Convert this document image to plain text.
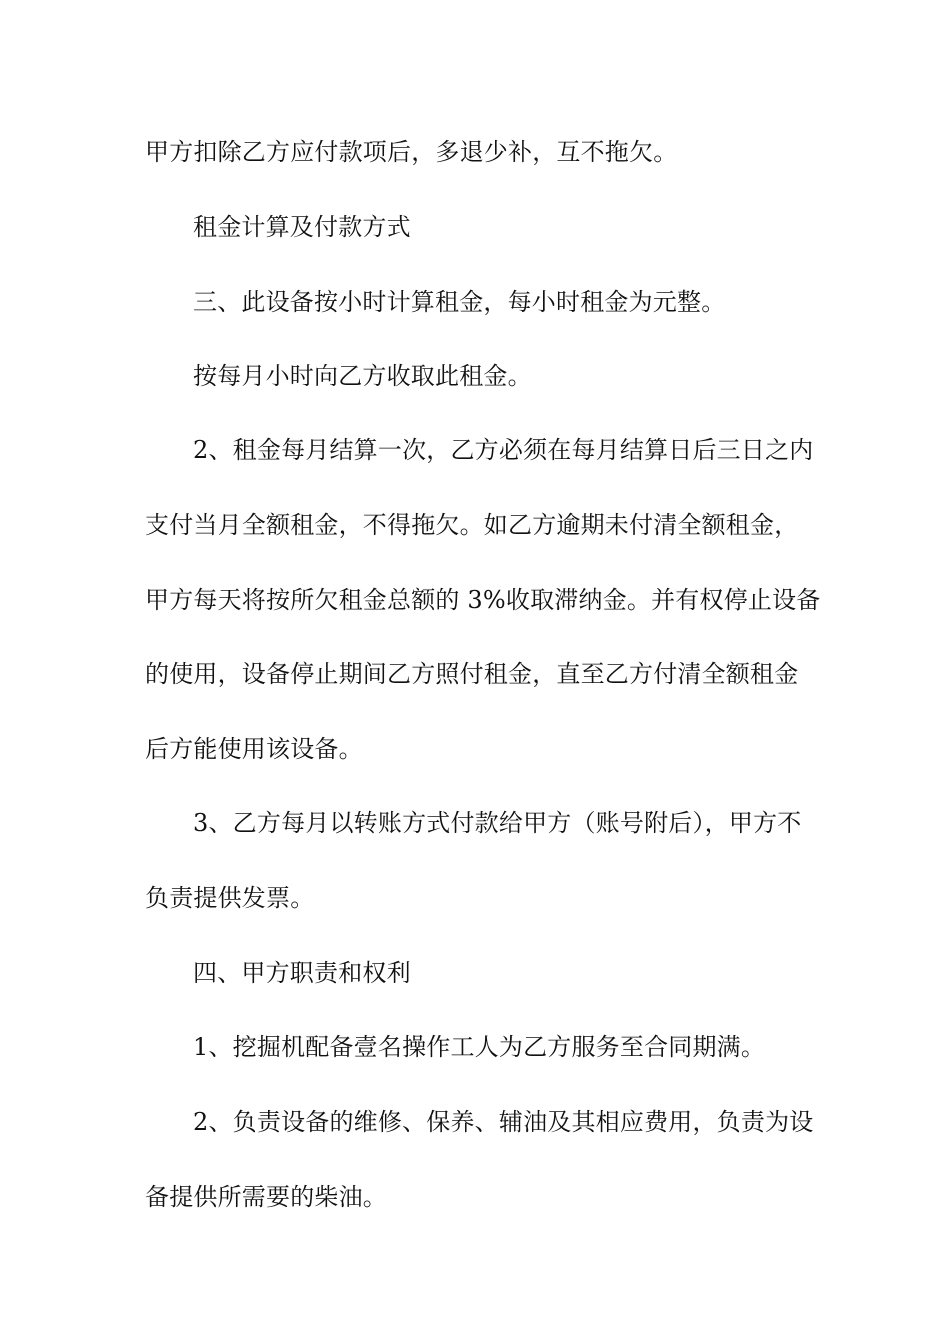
甲方扣除乙方应付款项后，多退少补，互不拖欠。
租金计算及付款方式
三、此设备按小时计算租金，每小时租金为元整。
按每月小时向乙方收取此租金。
2、租金每月结算一次，乙方必须在每月结算日后三日之内
支付当月全额租金，不得拖欠。如乙方逾期未付清全额租金，
甲方每天将按所欠租金总额的 3%收取滞纳金。并有权停止设备
的使用，设备停止期间乙方照付租金，直至乙方付清全额租金
后方能使用该设备。
3、乙方每月以转账方式付款给甲方（账号附后），甲方不
负责提供发票。
四、甲方职责和权利
1、挖掘机配备壹名操作工人为乙方服务至合同期满。
2、负责设备的维修、保养、辅油及其相应费用，负责为设
备提供所需要的柴油。
